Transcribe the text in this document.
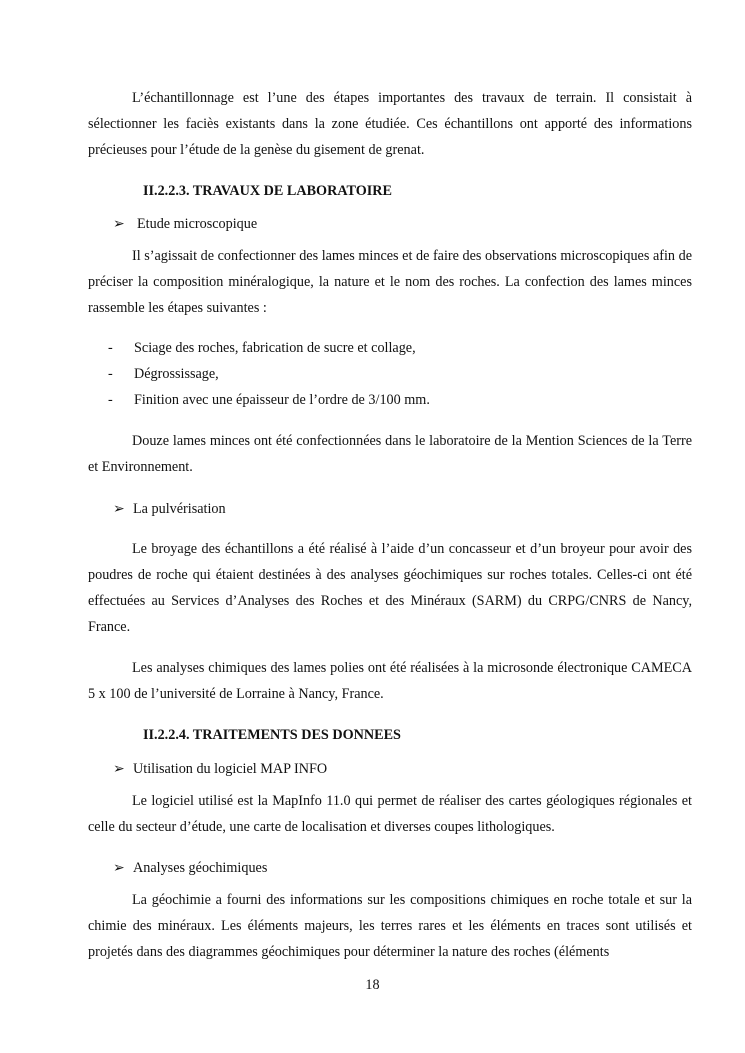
L’échantillonnage est l’une des étapes importantes des travaux de terrain. Il consistait à sélectionner les faciès existants dans la zone étudiée. Ces échantillons ont apporté des informations précieuses pour l’étude de la genèse du gisement de grenat.

II.2.2.3. TRAVAUX DE LABORATOIRE
➢ Etude microscopique

Il s’agissait de confectionner des lames minces et de faire des observations microscopiques afin de préciser la composition minéralogique, la nature et le nom des roches. La confection des lames minces rassemble les étapes suivantes :

- Sciage des roches, fabrication de sucre et collage,
- Dégrossissage,
- Finition avec une épaisseur de l’ordre de 3/100 mm.

Douze lames minces ont été confectionnées dans le laboratoire de la Mention Sciences de la Terre et Environnement.

➢ La pulvérisation

Le broyage des échantillons a été réalisé à l’aide d’un concasseur et d’un broyeur pour avoir des poudres de roche qui étaient destinées à des analyses géochimiques sur roches totales. Celles-ci ont été effectuées au Services d’Analyses des Roches et des Minéraux (SARM) du CRPG/CNRS de Nancy, France.

Les analyses chimiques des lames polies ont été réalisées à la microsonde électronique CAMECA 5 x 100 de l’université de Lorraine à Nancy, France.

II.2.2.4. TRAITEMENTS DES DONNEES
➢ Utilisation du logiciel MAP INFO

Le logiciel utilisé est la MapInfo 11.0 qui permet de réaliser des cartes géologiques régionales et celle du secteur d’étude, une carte de localisation et diverses coupes lithologiques.

➢ Analyses géochimiques

La géochimie a fourni des informations sur les compositions chimiques en roche totale et sur la chimie des minéraux. Les éléments majeurs, les terres rares et les éléments en traces sont utilisés et projetés dans des diagrammes géochimiques pour déterminer la nature des roches (éléments

18
